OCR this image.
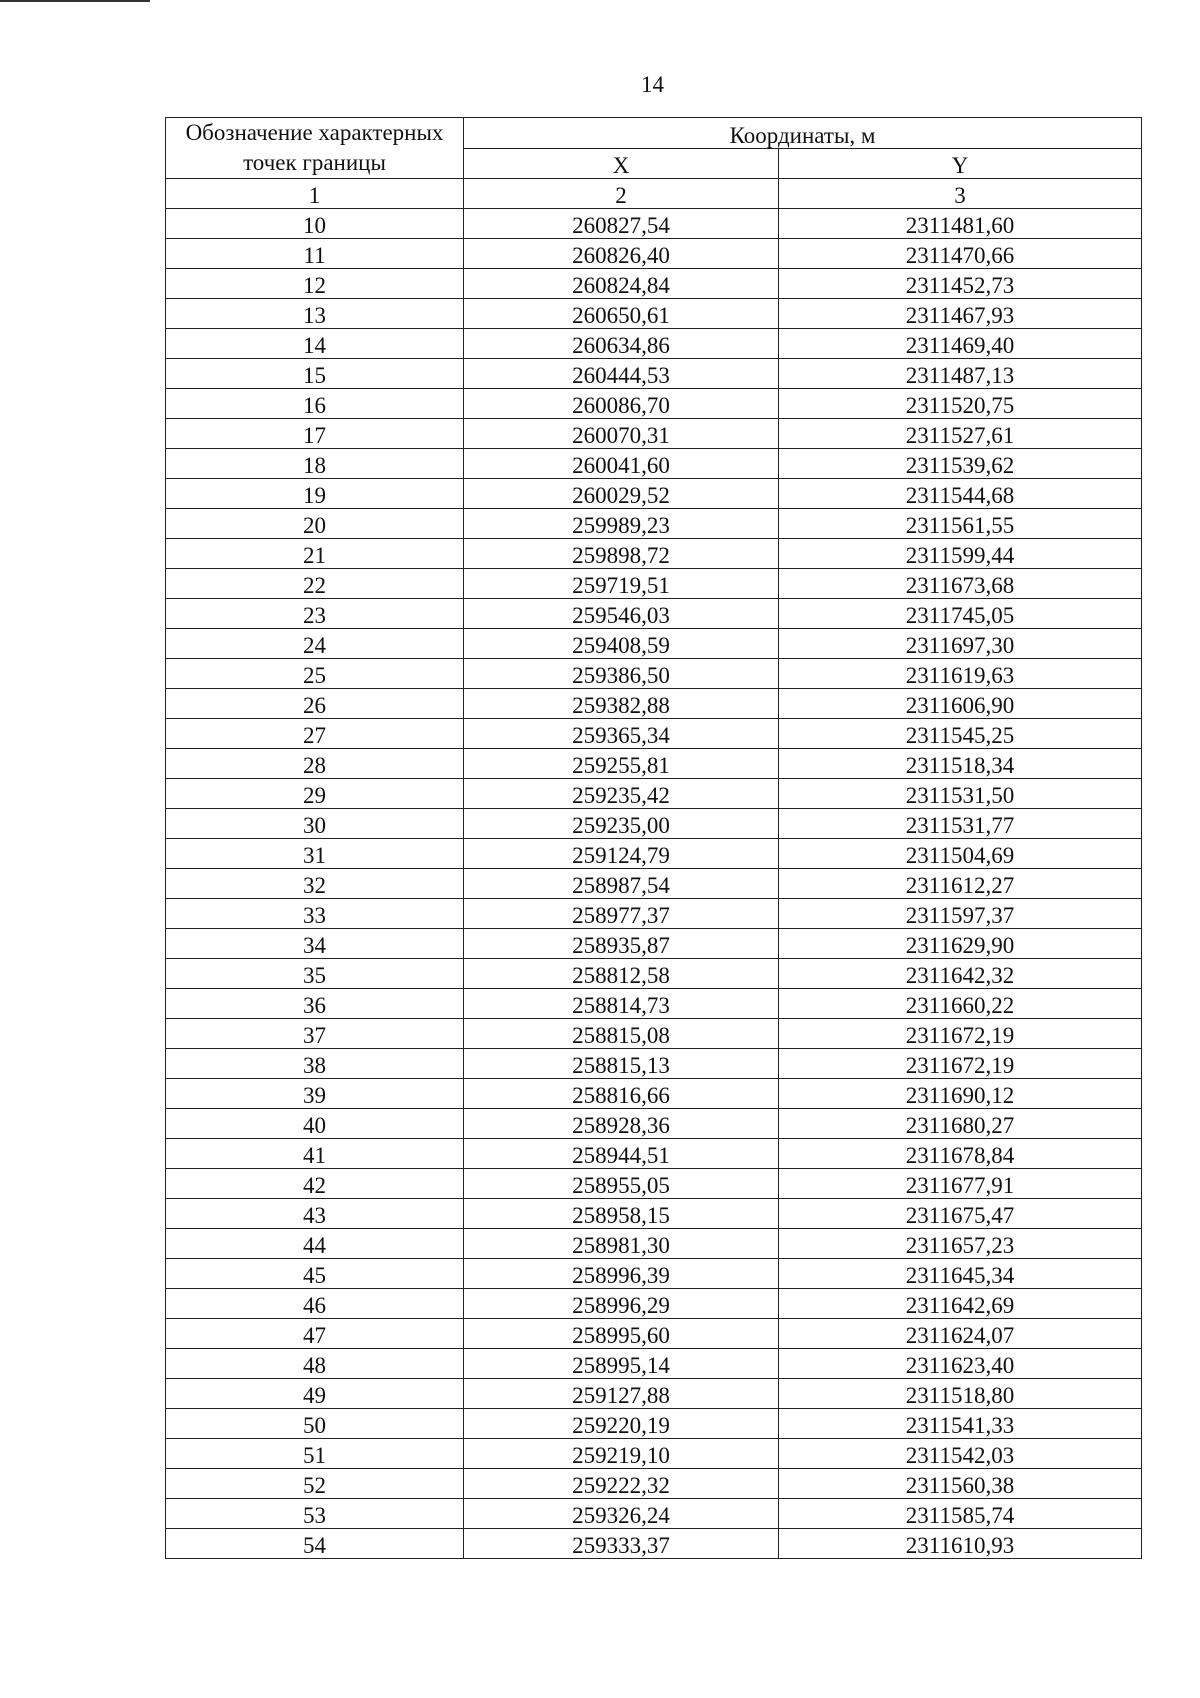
14
Обозначение характерных точек границы	Координаты, м	
	X	Y
1	2	3
10	260827,54	2311481,60
11	260826,40	2311470,66
12	260824,84	2311452,73
13	260650,61	2311467,93
14	260634,86	2311469,40
15	260444,53	2311487,13
16	260086,70	2311520,75
17	260070,31	2311527,61
18	260041,60	2311539,62
19	260029,52	2311544,68
20	259989,23	2311561,55
21	259898,72	2311599,44
22	259719,51	2311673,68
23	259546,03	2311745,05
24	259408,59	2311697,30
25	259386,50	2311619,63
26	259382,88	2311606,90
27	259365,34	2311545,25
28	259255,81	2311518,34
29	259235,42	2311531,50
30	259235,00	2311531,77
31	259124,79	2311504,69
32	258987,54	2311612,27
33	258977,37	2311597,37
34	258935,87	2311629,90
35	258812,58	2311642,32
36	258814,73	2311660,22
37	258815,08	2311672,19
38	258815,13	2311672,19
39	258816,66	2311690,12
40	258928,36	2311680,27
41	258944,51	2311678,84
42	258955,05	2311677,91
43	258958,15	2311675,47
44	258981,30	2311657,23
45	258996,39	2311645,34
46	258996,29	2311642,69
47	258995,60	2311624,07
48	258995,14	2311623,40
49	259127,88	2311518,80
50	259220,19	2311541,33
51	259219,10	2311542,03
52	259222,32	2311560,38
53	259326,24	2311585,74
54	259333,37	2311610,93
